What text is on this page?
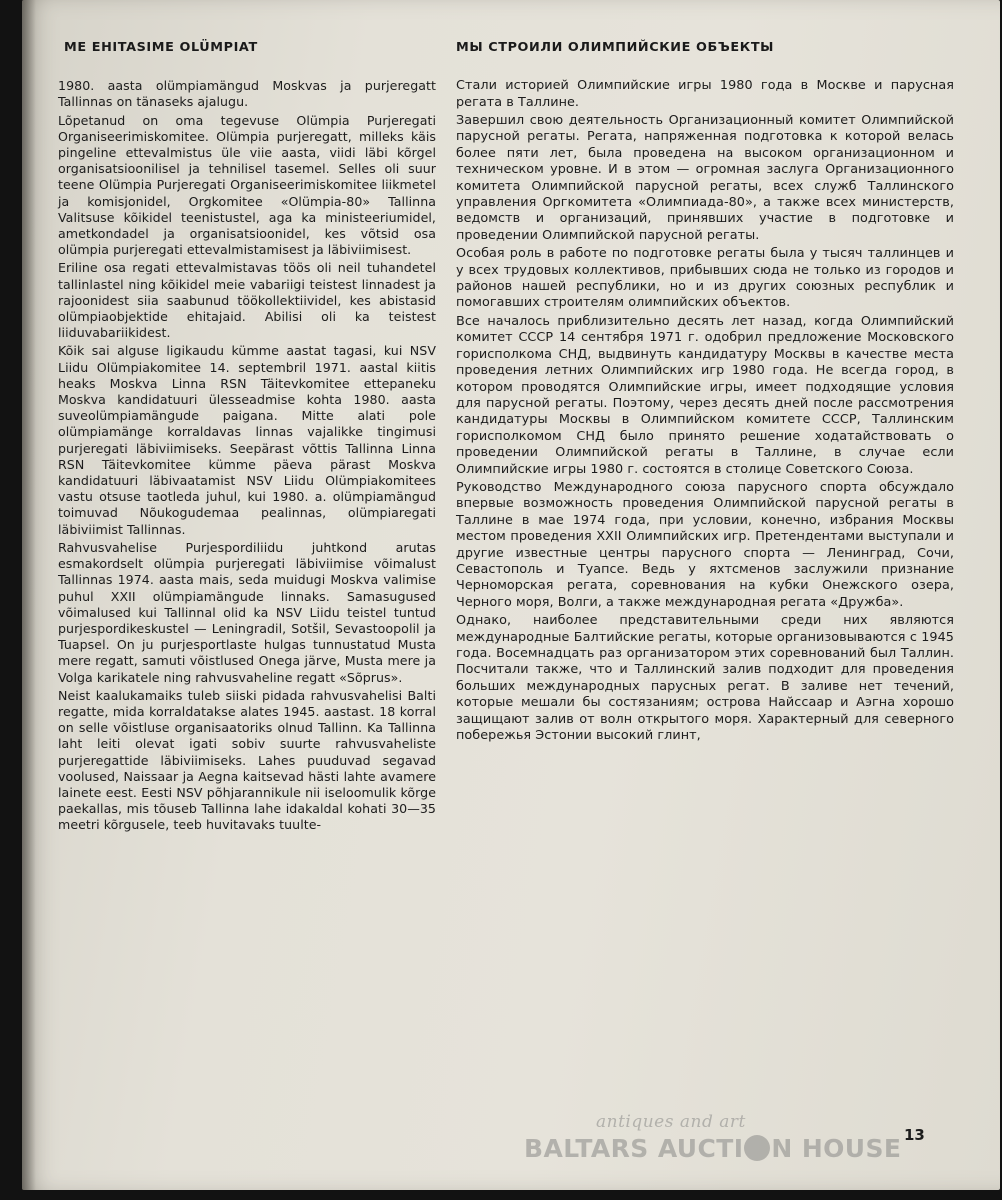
ME EHITASIME OLÜMPIAT

1980. aasta olümpiamängud Moskvas ja purjeregatt Tallinnas on tänaseks ajalugu.

Lõpetanud on oma tegevuse Olümpia Purjeregati Organiseerimiskomitee. Olümpia purjeregatt, milleks käis pingeline ettevalmistus üle viie aasta, viidi läbi kõrgel organisatsioonilisel ja tehnilisel tasemel. Selles oli suur teene Olümpia Purjeregati Organiseerimiskomitee liikmetel ja komisjonidel, Orgkomitee «Olümpia-80» Tallinna Valitsuse kõikidel teenistustel, aga ka ministeeriumidel, ametkondadel ja organisatsioonidel, kes võtsid osa olümpia purjeregati ettevalmistamisest ja läbiviimisest.

Eriline osa regati ettevalmistavas töös oli neil tuhandetel tallinlastel ning kõikidel meie vabariigi teistest linnadest ja rajoonidest siia saabunud töökollektiividel, kes abistasid olümpiaobjektide ehitajaid. Abilisi oli ka teistest liiduvabariikidest.

Kõik sai alguse ligikaudu kümme aastat tagasi, kui NSV Liidu Olümpiakomitee 14. septembril 1971. aastal kiitis heaks Moskva Linna RSN Täitevkomitee ettepaneku Moskva kandidatuuri ülesseadmise kohta 1980. aasta suveolümpiamängude paigana. Mitte alati pole olümpiamänge korraldavas linnas vajalikke tingimusi purjeregati läbiviimiseks. Seepärast võttis Tallinna Linna RSN Täitevkomitee kümme päeva pärast Moskva kandidatuuri läbivaatamist NSV Liidu Olümpiakomitees vastu otsuse taotleda juhul, kui 1980. a. olümpiamängud toimuvad Nõukogudemaa pealinnas, olümpiaregati läbiviimist Tallinnas.

Rahvusvahelise Purjespordiliidu juhtkond arutas esmakordselt olümpia purjeregati läbiviimise võimalust Tallinnas 1974. aasta mais, seda muidugi Moskva valimise puhul XXII olümpiamängude linnaks. Samasugused võimalused kui Tallinnal olid ka NSV Liidu teistel tuntud purjespordikeskustel — Leningradil, Sotšil, Sevastoopolil ja Tuapsel. On ju purjesportlaste hulgas tunnustatud Musta mere regatt, samuti võistlused Onega järve, Musta mere ja Volga karikatele ning rahvusvaheline regatt «Sõprus».

Neist kaalukamaiks tuleb siiski pidada rahvusvahelisi Balti regatte, mida korraldatakse alates 1945. aastast. 18 korral on selle võistluse organisaatoriks olnud Tallinn. Ka Tallinna laht leiti olevat igati sobiv suurte rahvusvaheliste purjeregattide läbiviimiseks. Lahes puuduvad segavad voolused, Naissaar ja Aegna kaitsevad hästi lahte avamere lainete eest. Eesti NSV põhjarannikule nii iseloomulik kõrge paekallas, mis tõuseb Tallinna lahe idakaldal kohati 30—35 meetri kõrgusele, teeb huvitavaks tuulte-

МЫ СТРОИЛИ ОЛИМПИЙСКИЕ ОБЪЕКТЫ

Стали историей Олимпийские игры 1980 года в Москве и парусная регата в Таллине.

Завершил свою деятельность Организационный комитет Олимпийской парусной регаты. Регата, напряженная подготовка к которой велась более пяти лет, была проведена на высоком организационном и техническом уровне. И в этом — огромная заслуга Организационного комитета Олимпийской парусной регаты, всех служб Таллинского управления Оргкомитета «Олимпиада-80», а также всех министерств, ведомств и организаций, принявших участие в подготовке и проведении Олимпийской парусной регаты.

Особая роль в работе по подготовке регаты была у тысяч таллинцев и у всех трудовых коллективов, прибывших сюда не только из городов и районов нашей республики, но и из других союзных республик и помогавших строителям олимпийских объектов.

Все началось приблизительно десять лет назад, когда Олимпийский комитет СССР 14 сентября 1971 г. одобрил предложение Московского горисполкома СНД, выдвинуть кандидатуру Москвы в качестве места проведения летних Олимпийских игр 1980 года. Не всегда город, в котором проводятся Олимпийские игры, имеет подходящие условия для парусной регаты. Поэтому, через десять дней после рассмотрения кандидатуры Москвы в Олимпийском комитете СССР, Таллинским горисполкомом СНД было принято решение ходатайствовать о проведении Олимпийской регаты в Таллине, в случае если Олимпийские игры 1980 г. состоятся в столице Советского Союза.

Руководство Международного союза парусного спорта обсуждало впервые возможность проведения Олимпийской парусной регаты в Таллине в мае 1974 года, при условии, конечно, избрания Москвы местом проведения XXII Олимпийских игр. Претендентами выступали и другие известные центры парусного спорта — Ленинград, Сочи, Севастополь и Туапсе. Ведь у яхтсменов заслужили признание Черноморская регата, соревнования на кубки Онежского озера, Черного моря, Волги, а также международная регата «Дружба».

Однако, наиболее представительными среди них являются международные Балтийские регаты, которые организовываются с 1945 года. Восемнадцать раз организатором этих соревнований был Таллин. Посчитали также, что и Таллинский залив подходит для проведения больших международных парусных регат. В заливе нет течений, которые мешали бы состязаниям; острова Найссаар и Аэгна хорошо защищают залив от волн открытого моря. Характерный для северного побережья Эстонии высокий глинт,

antiques and art
BALTARS AUCTI N HOUSE 13
